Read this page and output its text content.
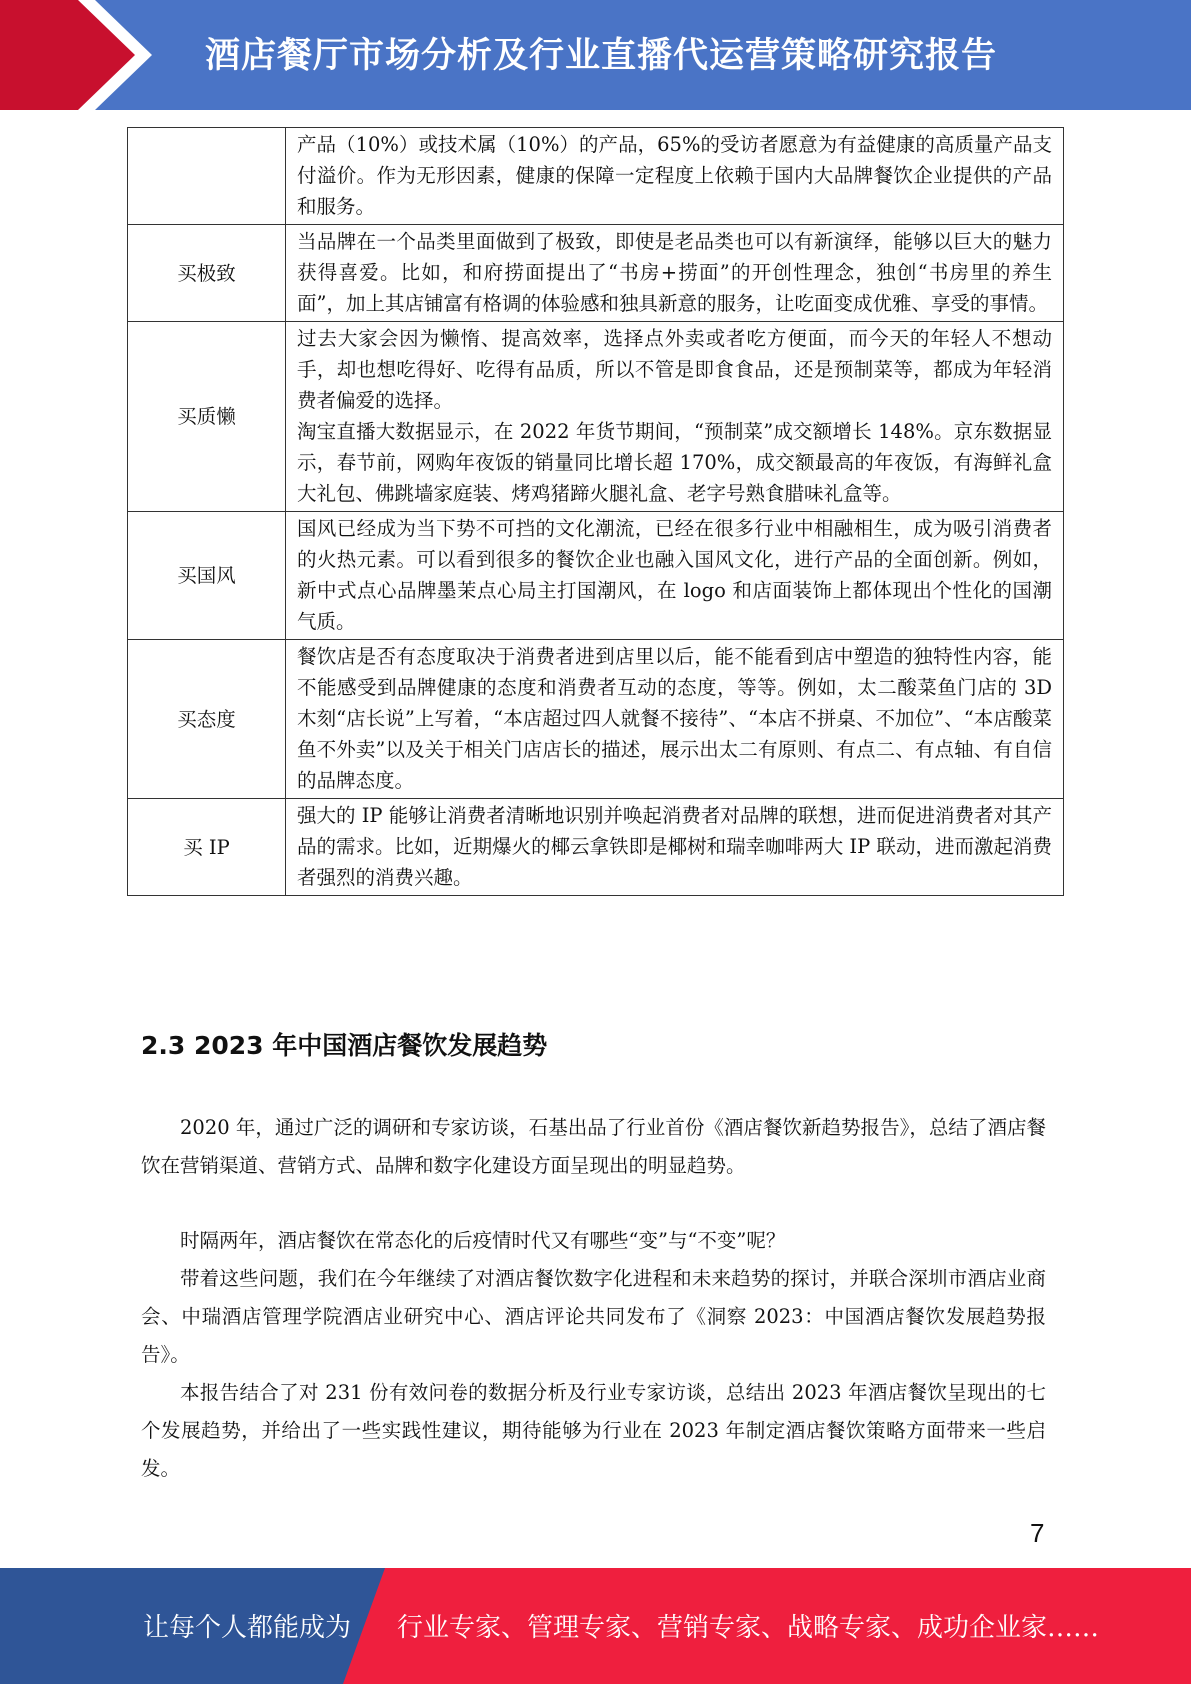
酒店餐厅市场分析及行业直播代运营策略研究报告

	产品（10%）或技术属（10%）的产品，65%的受访者愿意为有益健康的高质量产品支付溢价。作为无形因素，健康的保障一定程度上依赖于国内大品牌餐饮企业提供的产品和服务。

买极致	当品牌在一个品类里面做到了极致，即使是老品类也可以有新演绎，能够以巨大的魅力获得喜爱。比如，和府捞面提出了“书房+捞面”的开创性理念，独创“书房里的养生面”，加上其店铺富有格调的体验感和独具新意的服务，让吃面变成优雅、享受的事情。

买质懒	过去大家会因为懒惰、提高效率，选择点外卖或者吃方便面，而今天的年轻人不想动手，却也想吃得好、吃得有品质，所以不管是即食食品，还是预制菜等，都成为年轻消费者偏爱的选择。

淘宝直播大数据显示，在 2022 年货节期间，“预制菜”成交额增长 148%。京东数据显示，春节前，网购年夜饭的销量同比增长超 170%，成交额最高的年夜饭，有海鲜礼盒大礼包、佛跳墙家庭装、烤鸡猪蹄火腿礼盒、老字号熟食腊味礼盒等。

买国风	国风已经成为当下势不可挡的文化潮流，已经在很多行业中相融相生，成为吸引消费者的火热元素。可以看到很多的餐饮企业也融入国风文化，进行产品的全面创新。例如，新中式点心品牌墨茉点心局主打国潮风，在 logo 和店面装饰上都体现出个性化的国潮气质。

买态度	餐饮店是否有态度取决于消费者进到店里以后，能不能看到店中塑造的独特性内容，能不能感受到品牌健康的态度和消费者互动的态度，等等。例如，太二酸菜鱼门店的 3D 木刻“店长说”上写着，“本店超过四人就餐不接待”、“本店不拼桌、不加位”、“本店酸菜鱼不外卖”以及关于相关门店店长的描述，展示出太二有原则、有点二、有点轴、有自信的品牌态度。

买 IP	强大的 IP 能够让消费者清晰地识别并唤起消费者对品牌的联想，进而促进消费者对其产品的需求。比如，近期爆火的椰云拿铁即是椰树和瑞幸咖啡两大 IP 联动，进而激起消费者强烈的消费兴趣。

2.3 2023 年中国酒店餐饮发展趋势

2020 年，通过广泛的调研和专家访谈，石基出品了行业首份《酒店餐饮新趋势报告》，总结了酒店餐饮在营销渠道、营销方式、品牌和数字化建设方面呈现出的明显趋势。

时隔两年，酒店餐饮在常态化的后疫情时代又有哪些“变”与“不变”呢？

带着这些问题，我们在今年继续了对酒店餐饮数字化进程和未来趋势的探讨，并联合深圳市酒店业商会、中瑞酒店管理学院酒店业研究中心、酒店评论共同发布了《洞察 2023：中国酒店餐饮发展趋势报告》。

本报告结合了对 231 份有效问卷的数据分析及行业专家访谈，总结出 2023 年酒店餐饮呈现出的七个发展趋势，并给出了一些实践性建议，期待能够为行业在 2023 年制定酒店餐饮策略方面带来一些启发。

7
让每个人都能成为 行业专家、管理专家、营销专家、战略专家、成功企业家……
